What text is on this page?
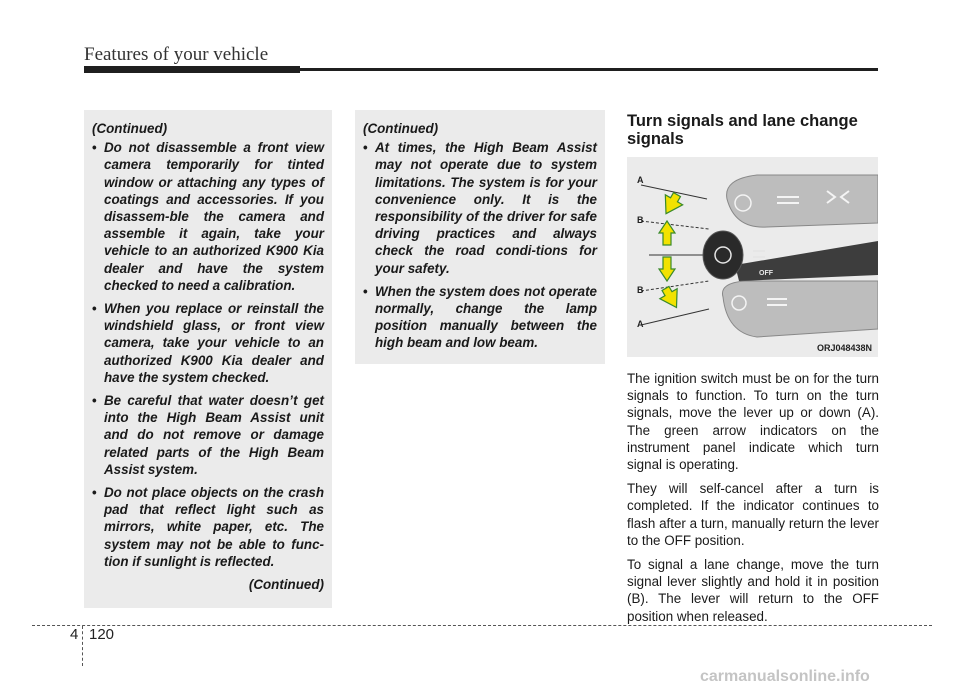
Features of your vehicle

(Continued)

• Do not disassemble a front view camera temporarily for tinted window or attaching any types of coatings and accessories. If you disassem-ble the camera and assemble it again, take your vehicle to an authorized K900 Kia dealer and have the system checked to need a calibration.
• When you replace or reinstall the windshield glass, or front view camera, take your vehicle to an authorized K900 Kia dealer and have the system checked.
• Be careful that water doesn’t get into the High Beam Assist unit and do not remove or damage related parts of the High Beam Assist system.
• Do not place objects on the crash pad that reflect light such as mirrors, white paper, etc. The system may not be able to func-tion if sunlight is reflected.

(Continued)

(Continued)

• At times, the High Beam Assist may not operate due to system limitations. The system is for your convenience only. It is the responsibility of the driver for safe driving practices and always check the road condi-tions for your safety.
• When the system does not operate normally, change the lamp position manually between the high beam and low beam.
Turn signals and lane change signals
OFF
A
B
B
A
ORJ048438N

The ignition switch must be on for the turn signals to function. To turn on the turn signals, move the lever up or down (A). The green arrow indicators on the instrument panel indicate which turn signal is operating.

They will self-cancel after a turn is completed. If the indicator continues to flash after a turn, manually return the lever to the OFF position.

To signal a lane change, move the turn signal lever slightly and hold it in position (B). The lever will return to the OFF position when released.

4 120
carmanualsonline.info
